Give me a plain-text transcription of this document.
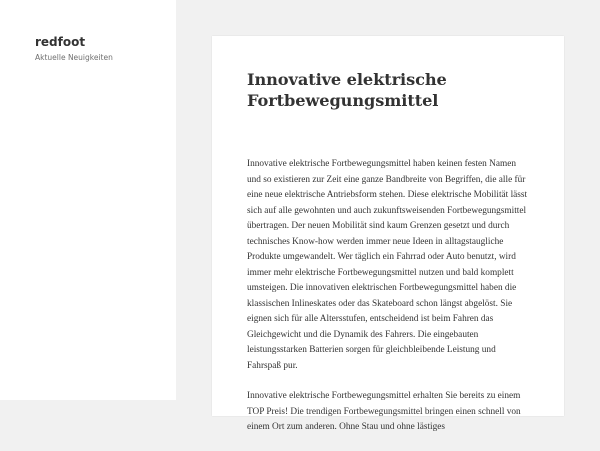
redfoot

Aktuelle Neuigkeiten

Innovative elektrische Fortbewegungsmittel

Innovative elektrische Fortbewegungsmittel haben keinen festen Namen und so existieren zur Zeit eine ganze Bandbreite von Begriffen, die alle für eine neue elektrische Antriebsform stehen. Diese elektrische Mobilität lässt sich auf alle gewohnten und auch zukunftsweisenden Fortbewegungsmittel übertragen. Der neuen Mobilität sind kaum Grenzen gesetzt und durch technisches Know-how werden immer neue Ideen in alltagstaugliche Produkte umgewandelt. Wer täglich ein Fahrrad oder Auto benutzt, wird immer mehr elektrische Fortbewegungsmittel nutzen und bald komplett umsteigen. Die innovativen elektrischen Fortbewegungsmittel haben die klassischen Inlineskates oder das Skateboard schon längst abgelöst. Sie eignen sich für alle Altersstufen, entscheidend ist beim Fahren das Gleichgewicht und die Dynamik des Fahrers. Die eingebauten leistungsstarken Batterien sorgen für gleichbleibende Leistung und Fahrspaß pur.

Innovative elektrische Fortbewegungsmittel erhalten Sie bereits zu einem TOP Preis! Die trendigen Fortbewegungsmittel bringen einen schnell von einem Ort zum anderen. Ohne Stau und ohne lästiges
